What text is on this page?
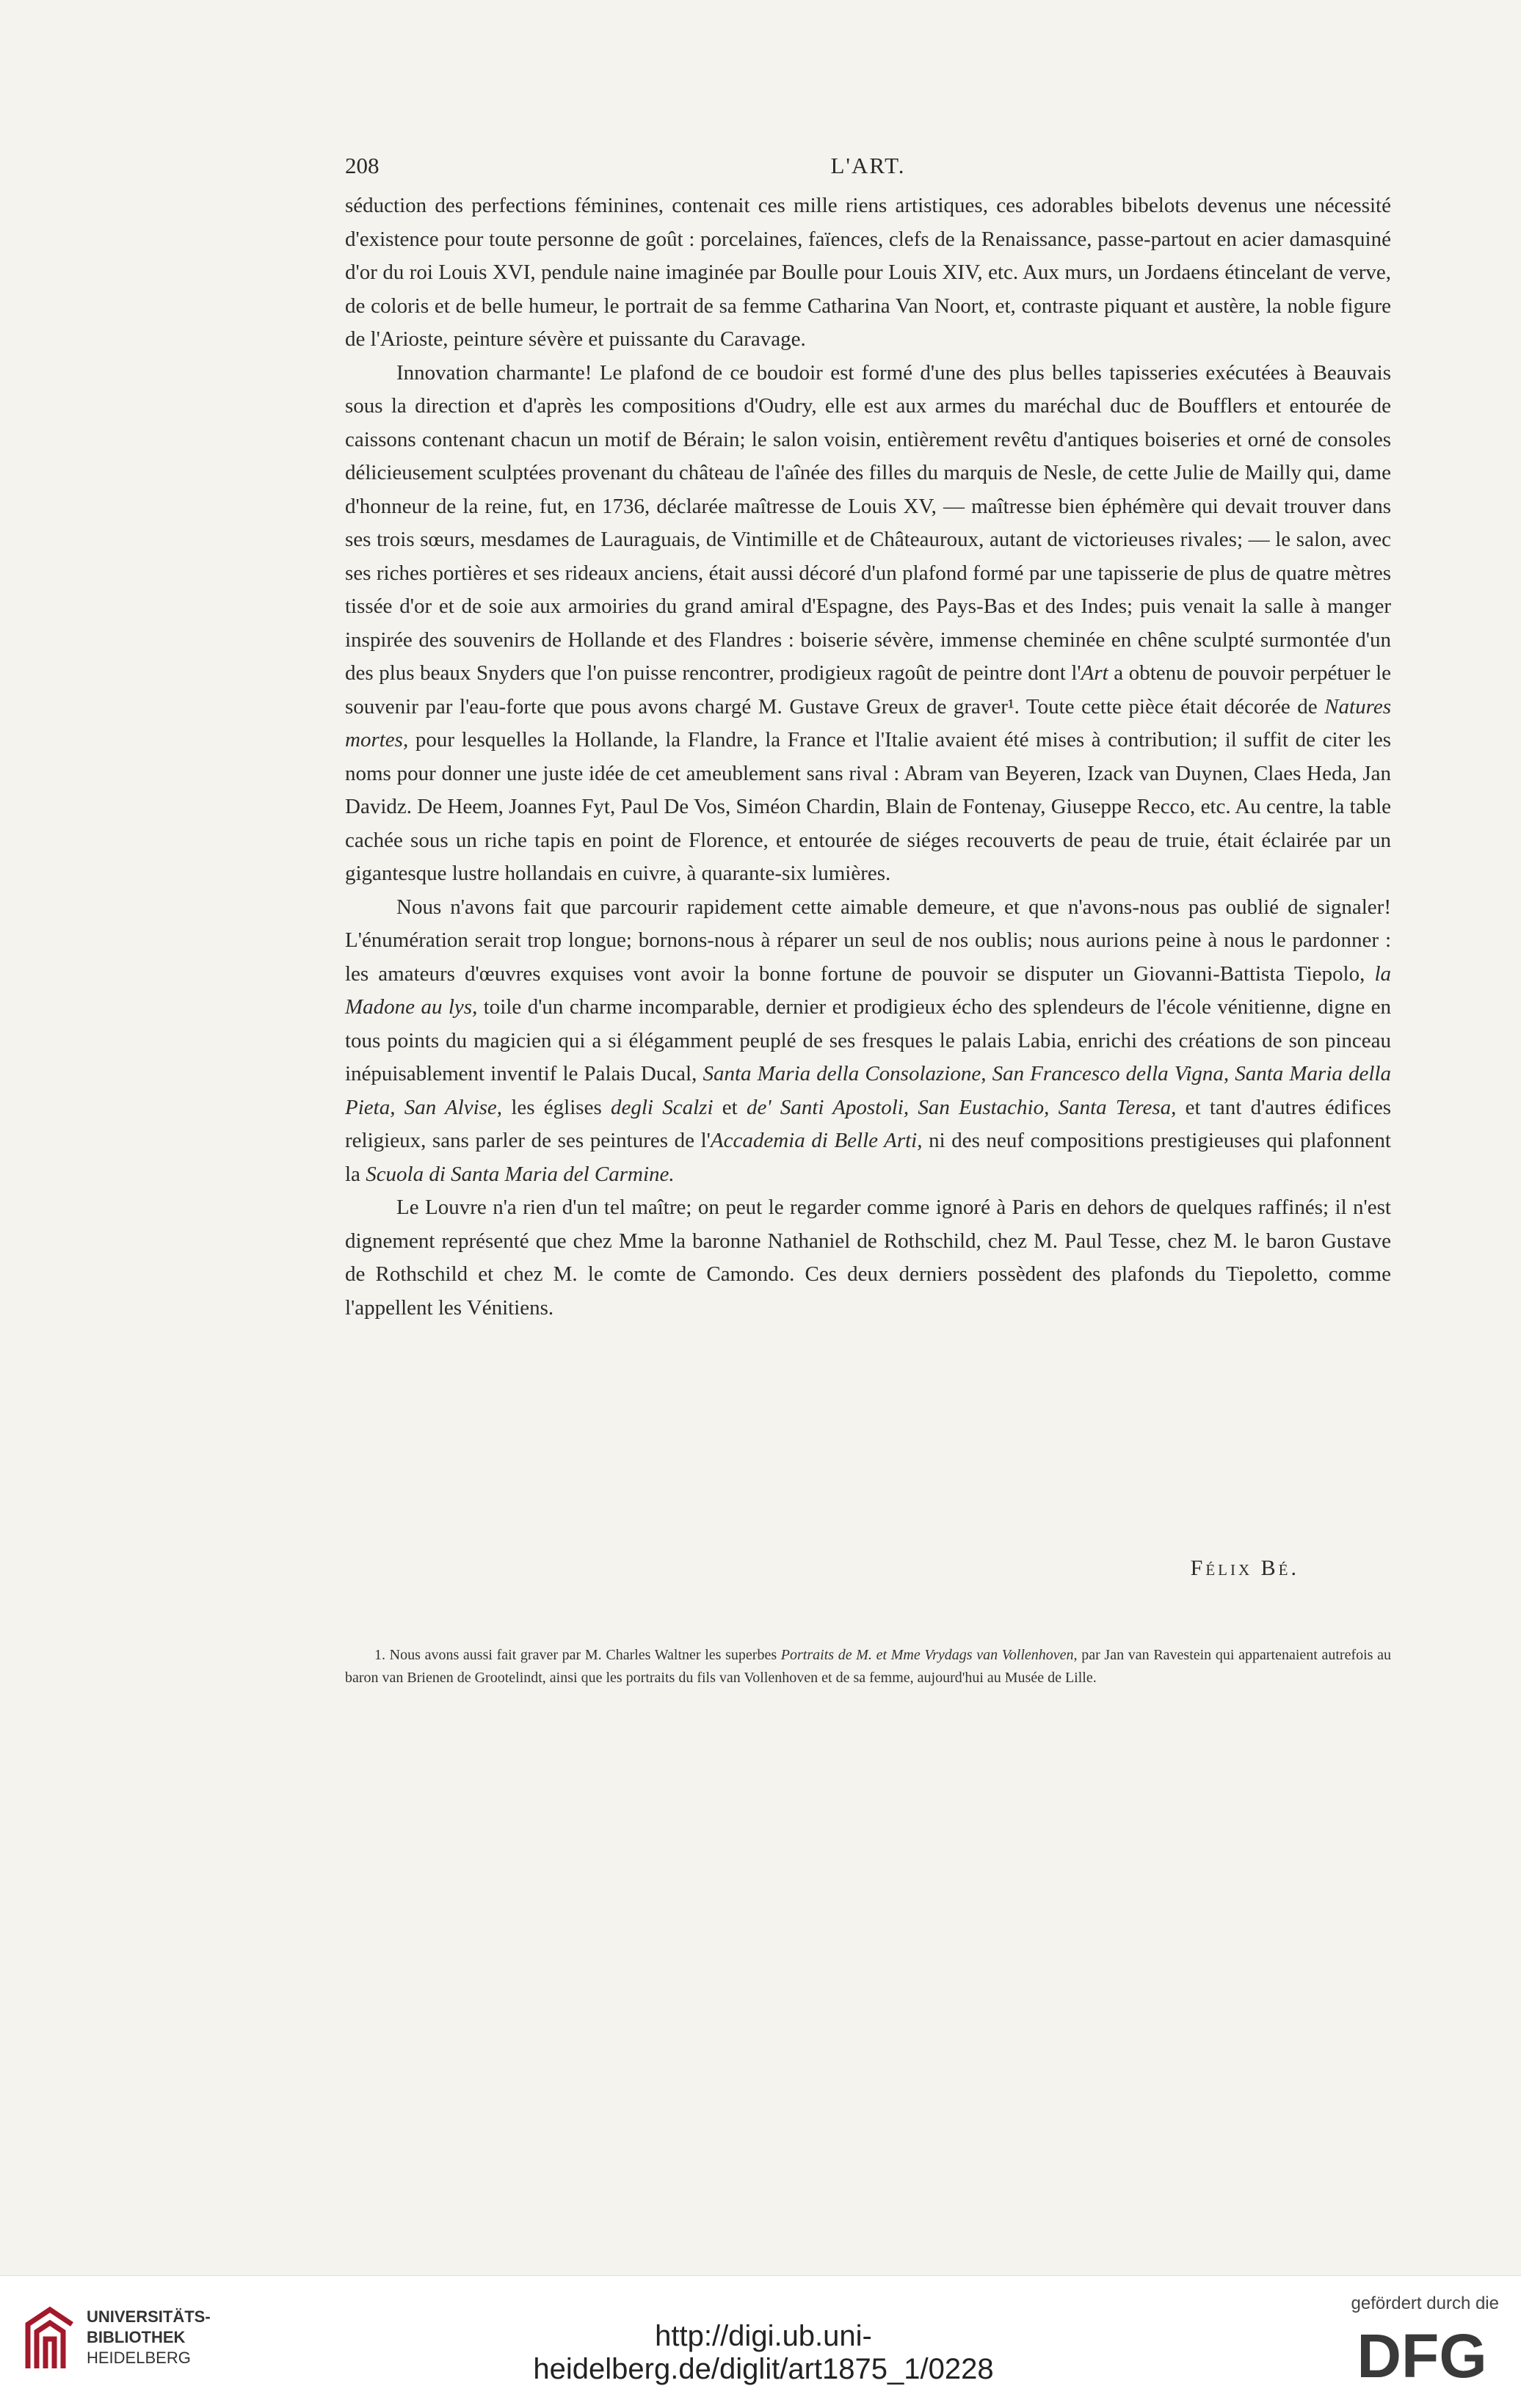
208	L'ART.

séduction des perfections féminines, contenait ces mille riens artistiques, ces adorables bibelots devenus une nécessité d'existence pour toute personne de goût : porcelaines, faïences, clefs de la Renaissance, passe-partout en acier damasquiné d'or du roi Louis XVI, pendule naine imaginée par Boulle pour Louis XIV, etc. Aux murs, un Jordaens étincelant de verve, de coloris et de belle humeur, le portrait de sa femme Catharina Van Noort, et, contraste piquant et austère, la noble figure de l'Arioste, peinture sévère et puissante du Caravage.

Innovation charmante! Le plafond de ce boudoir est formé d'une des plus belles tapisseries exécutées à Beauvais sous la direction et d'après les compositions d'Oudry, elle est aux armes du maréchal duc de Boufflers et entourée de caissons contenant chacun un motif de Bérain; le salon voisin, entièrement revêtu d'antiques boiseries et orné de consoles délicieusement sculptées provenant du château de l'aînée des filles du marquis de Nesle, de cette Julie de Mailly qui, dame d'honneur de la reine, fut, en 1736, déclarée maîtresse de Louis XV, — maîtresse bien éphémère qui devait trouver dans ses trois sœurs, mesdames de Lauraguais, de Vintimille et de Châteauroux, autant de victorieuses rivales; — le salon, avec ses riches portières et ses rideaux anciens, était aussi décoré d'un plafond formé par une tapisserie de plus de quatre mètres tissée d'or et de soie aux armoiries du grand amiral d'Espagne, des Pays-Bas et des Indes; puis venait la salle à manger inspirée des souvenirs de Hollande et des Flandres : boiserie sévère, immense cheminée en chêne sculpté surmontée d'un des plus beaux Snyders que l'on puisse rencontrer, prodigieux ragoût de peintre dont l'Art a obtenu de pouvoir perpétuer le souvenir par l'eau-forte que pous avons chargé M. Gustave Greux de graver¹. Toute cette pièce était décorée de Natures mortes, pour lesquelles la Hollande, la Flandre, la France et l'Italie avaient été mises à contribution; il suffit de citer les noms pour donner une juste idée de cet ameublement sans rival : Abram van Beyeren, Izack van Duynen, Claes Heda, Jan Davidz. De Heem, Joannes Fyt, Paul De Vos, Siméon Chardin, Blain de Fontenay, Giuseppe Recco, etc. Au centre, la table cachée sous un riche tapis en point de Florence, et entourée de siéges recouverts de peau de truie, était éclairée par un gigantesque lustre hollandais en cuivre, à quarante-six lumières.

Nous n'avons fait que parcourir rapidement cette aimable demeure, et que n'avons-nous pas oublié de signaler! L'énumération serait trop longue; bornons-nous à réparer un seul de nos oublis; nous aurions peine à nous le pardonner : les amateurs d'œuvres exquises vont avoir la bonne fortune de pouvoir se disputer un Giovanni-Battista Tiepolo, la Madone au lys, toile d'un charme incomparable, dernier et prodigieux écho des splendeurs de l'école vénitienne, digne en tous points du magicien qui a si élégamment peuplé de ses fresques le palais Labia, enrichi des créations de son pinceau inépuisablement inventif le Palais Ducal, Santa Maria della Consolazione, San Francesco della Vigna, Santa Maria della Pieta, San Alvise, les églises degli Scalzi et de' Santi Apostoli, San Eustachio, Santa Teresa, et tant d'autres édifices religieux, sans parler de ses peintures de l'Accademia di Belle Arti, ni des neuf compositions prestigieuses qui plafonnent la Scuola di Santa Maria del Carmine.

Le Louvre n'a rien d'un tel maître; on peut le regarder comme ignoré à Paris en dehors de quelques raffinés; il n'est dignement représenté que chez Mme la baronne Nathaniel de Rothschild, chez M. Paul Tesse, chez M. le baron Gustave de Rothschild et chez M. le comte de Camondo. Ces deux derniers possèdent des plafonds du Tiepoletto, comme l'appellent les Vénitiens.

Félix Bé.

1. Nous avons aussi fait graver par M. Charles Waltner les superbes Portraits de M. et Mme Vrydags van Vollenhoven, par Jan van Ravestein qui appartenaient autrefois au baron van Brienen de Grootelindt, ainsi que les portraits du fils van Vollenhoven et de sa femme, aujourd'hui au Musée de Lille.

UNIVERSITÄTS-
BIBLIOTHEK
HEIDELBERG
http://digi.ub.uni-heidelberg.de/diglit/art1875_1/0228
gefördert durch die
DFG
